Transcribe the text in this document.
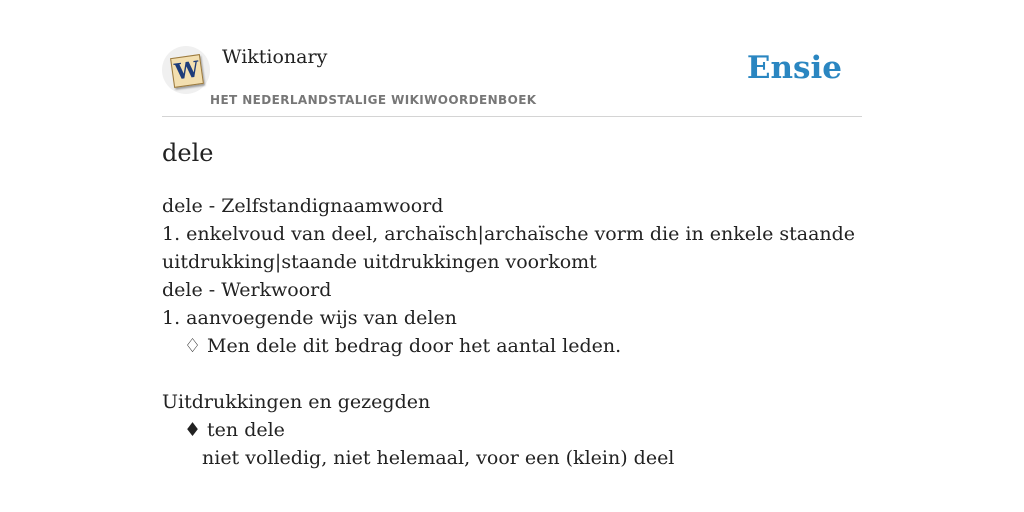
W Wiktionary
HET NEDERLANDSTALIGE WIKIWOORDENBOEK
Ensie
dele
dele - Zelfstandignaamwoord
1. enkelvoud van deel, archaïsch|archaïsche vorm die in enkele staande
uitdrukking|staande uitdrukkingen voorkomt
dele - Werkwoord
1. aanvoegende wijs van delen
♢ Men dele dit bedrag door het aantal leden.
Uitdrukkingen en gezegden
♦ ten dele
niet volledig, niet helemaal, voor een (klein) deel
